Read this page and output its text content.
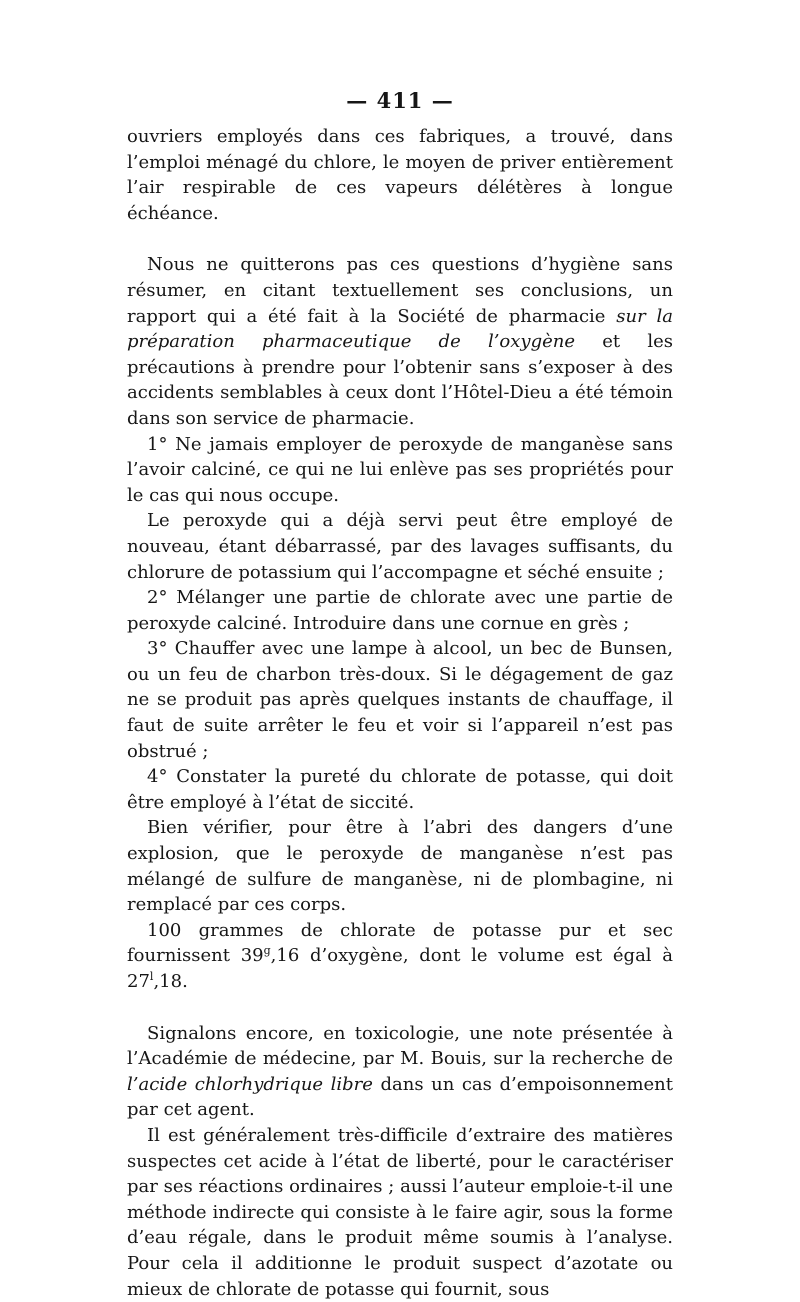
— 411 —

ouvriers employés dans ces fabriques, a trouvé, dans l’emploi ménagé du chlore, le moyen de priver entièrement l’air respirable de ces vapeurs délétères à longue échéance.

Nous ne quitterons pas ces questions d’hygiène sans résumer, en citant textuellement ses conclusions, un rapport qui a été fait à la Société de pharmacie sur la préparation pharmaceutique de l’oxygène et les précautions à prendre pour l’obtenir sans s’exposer à des accidents semblables à ceux dont l’Hôtel-Dieu a été témoin dans son service de pharmacie.

1° Ne jamais employer de peroxyde de manganèse sans l’avoir calciné, ce qui ne lui enlève pas ses propriétés pour le cas qui nous occupe.

Le peroxyde qui a déjà servi peut être employé de nouveau, étant débarrassé, par des lavages suffisants, du chlorure de potassium qui l’accompagne et séché ensuite ;

2° Mélanger une partie de chlorate avec une partie de peroxyde calciné. Introduire dans une cornue en grès ;

3° Chauffer avec une lampe à alcool, un bec de Bunsen, ou un feu de charbon très-doux. Si le dégagement de gaz ne se produit pas après quelques instants de chauffage, il faut de suite arrêter le feu et voir si l’appareil n’est pas obstrué ;

4° Constater la pureté du chlorate de potasse, qui doit être employé à l’état de siccité.

Bien vérifier, pour être à l’abri des dangers d’une explosion, que le peroxyde de manganèse n’est pas mélangé de sulfure de manganèse, ni de plombagine, ni remplacé par ces corps.

100 grammes de chlorate de potasse pur et sec fournissent 39$^g$,16 d’oxygène, dont le volume est égal à 27$^l$,18.

Signalons encore, en toxicologie, une note présentée à l’Académie de médecine, par M. Bouis, sur la recherche de l’acide chlorhydrique libre dans un cas d’empoisonnement par cet agent.

Il est généralement très-difficile d’extraire des matières suspectes cet acide à l’état de liberté, pour le caractériser par ses réactions ordinaires ; aussi l’auteur emploie-t-il une méthode indirecte qui consiste à le faire agir, sous la forme d’eau régale, dans le produit même soumis à l’analyse. Pour cela il additionne le produit suspect d’azotate ou mieux de chlorate de potasse qui fournit, sous
